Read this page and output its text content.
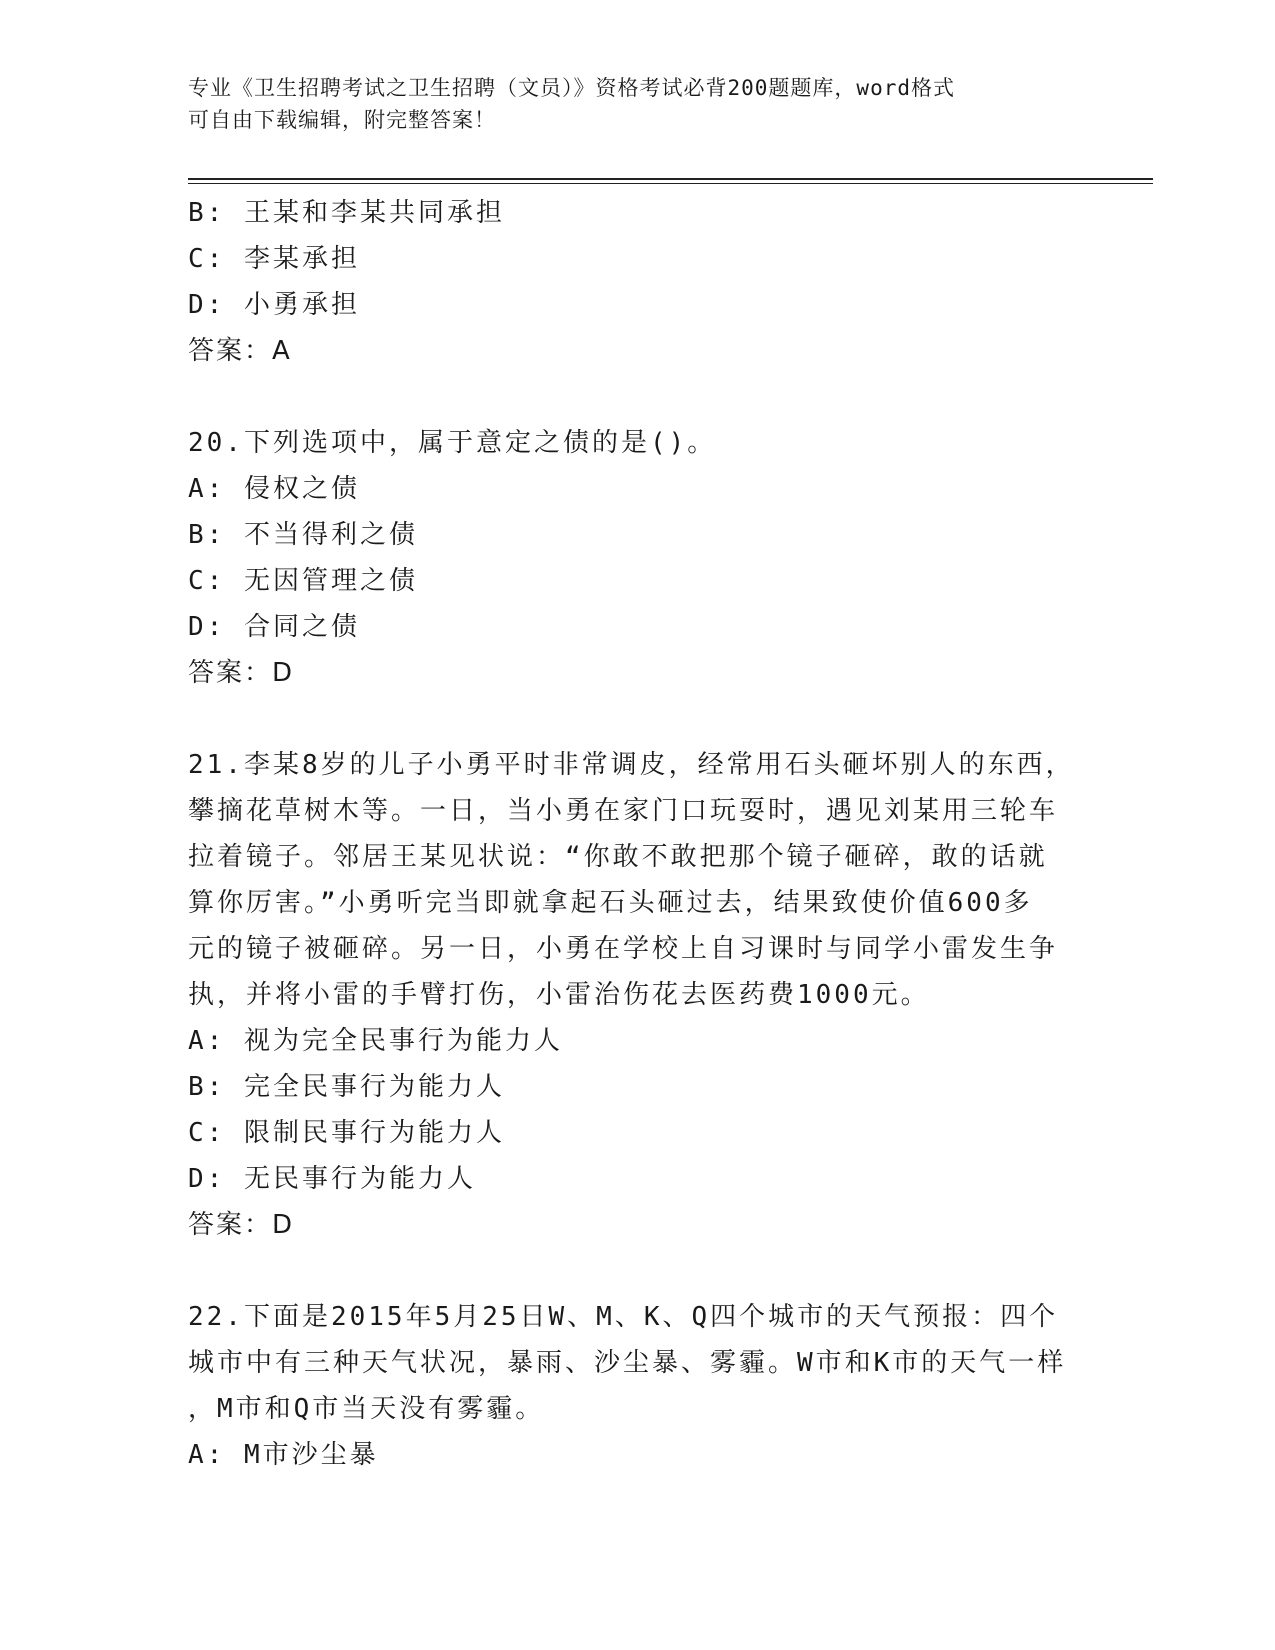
专业《卫生招聘考试之卫生招聘（文员）》资格考试必背200题题库，word格式
可自由下载编辑，附完整答案！
B: 王某和李某共同承担
C: 李某承担
D: 小勇承担
答案：A
20.下列选项中，属于意定之债的是()。
A: 侵权之债
B: 不当得利之债
C: 无因管理之债
D: 合同之债
答案：D
21.李某8岁的儿子小勇平时非常调皮，经常用石头砸坏别人的东西，
攀摘花草树木等。一日，当小勇在家门口玩耍时，遇见刘某用三轮车
拉着镜子。邻居王某见状说：“你敢不敢把那个镜子砸碎，敢的话就
算你厉害。”小勇听完当即就拿起石头砸过去，结果致使价值600多
元的镜子被砸碎。另一日，小勇在学校上自习课时与同学小雷发生争
执，并将小雷的手臂打伤，小雷治伤花去医药费1000元。
A: 视为完全民事行为能力人
B: 完全民事行为能力人
C: 限制民事行为能力人
D: 无民事行为能力人
答案：D
22.下面是2015年5月25日W、M、K、Q四个城市的天气预报：四个
城市中有三种天气状况，暴雨、沙尘暴、雾霾。W市和K市的天气一样
，M市和Q市当天没有雾霾。
A: M市沙尘暴
